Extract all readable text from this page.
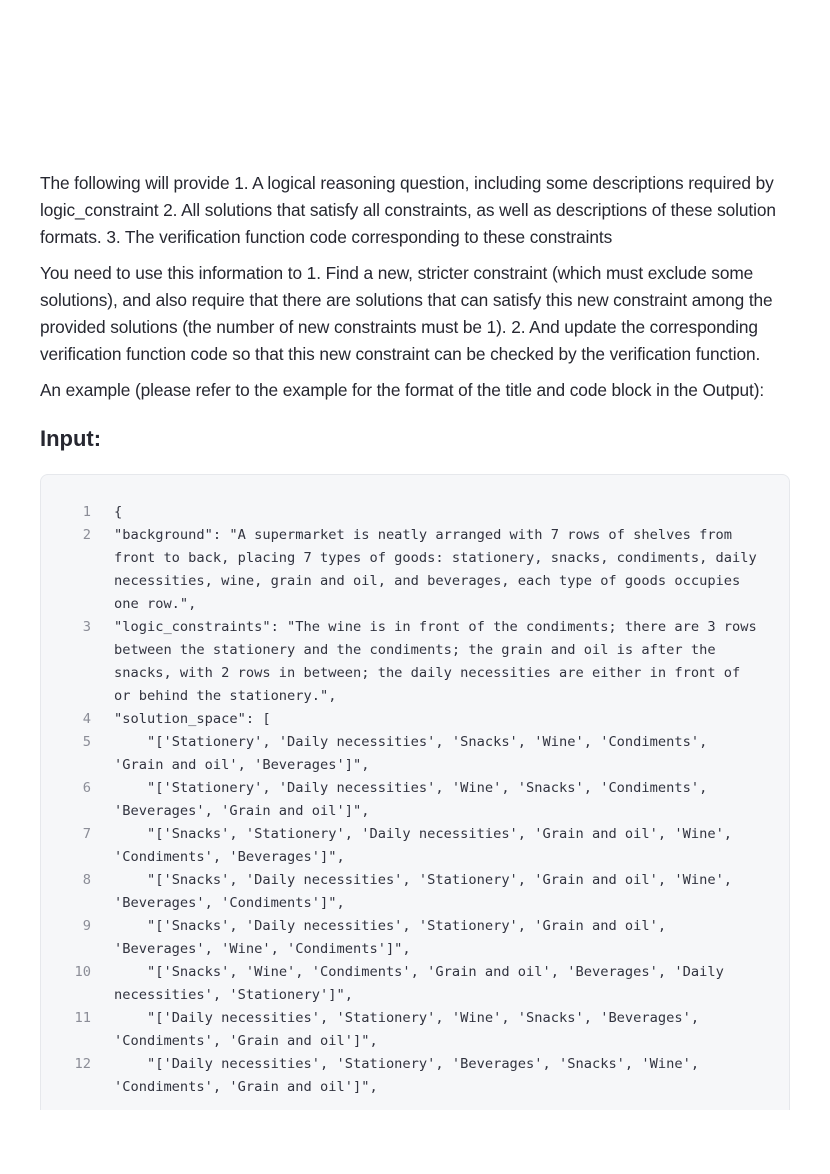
The following will provide 1. A logical reasoning question, including some descriptions required by logic_constraint 2. All solutions that satisfy all constraints, as well as descriptions of these solution formats. 3. The verification function code corresponding to these constraints

You need to use this information to 1. Find a new, stricter constraint (which must exclude some solutions), and also require that there are solutions that can satisfy this new constraint among the provided solutions (the number of new constraints must be 1). 2. And update the corresponding verification function code so that this new constraint can be checked by the verification function.

An example (please refer to the example for the format of the title and code block in the Output):

Input:
1	{
2	"background": "A supermarket is neatly arranged with 7 rows of shelves from front to back, placing 7 types of goods: stationery, snacks, condiments, daily necessities, wine, grain and oil, and beverages, each type of goods occupies one row.",
3	"logic_constraints": "The wine is in front of the condiments; there are 3 rows between the stationery and the condiments; the grain and oil is after the snacks, with 2 rows in between; the daily necessities are either in front of or behind the stationery.",
4	"solution_space": [
5	"['Stationery', 'Daily necessities', 'Snacks', 'Wine', 'Condiments', 'Grain and oil', 'Beverages']",
6	"['Stationery', 'Daily necessities', 'Wine', 'Snacks', 'Condiments', 'Beverages', 'Grain and oil']",
7	"['Snacks', 'Stationery', 'Daily necessities', 'Grain and oil', 'Wine', 'Condiments', 'Beverages']",
8	"['Snacks', 'Daily necessities', 'Stationery', 'Grain and oil', 'Wine', 'Beverages', 'Condiments']",
9	"['Snacks', 'Daily necessities', 'Stationery', 'Grain and oil', 'Beverages', 'Wine', 'Condiments']",
10	"['Snacks', 'Wine', 'Condiments', 'Grain and oil', 'Beverages', 'Daily necessities', 'Stationery']",
11	"['Daily necessities', 'Stationery', 'Wine', 'Snacks', 'Beverages', 'Condiments', 'Grain and oil']",
12	"['Daily necessities', 'Stationery', 'Beverages', 'Snacks', 'Wine', 'Condiments', 'Grain and oil']",
